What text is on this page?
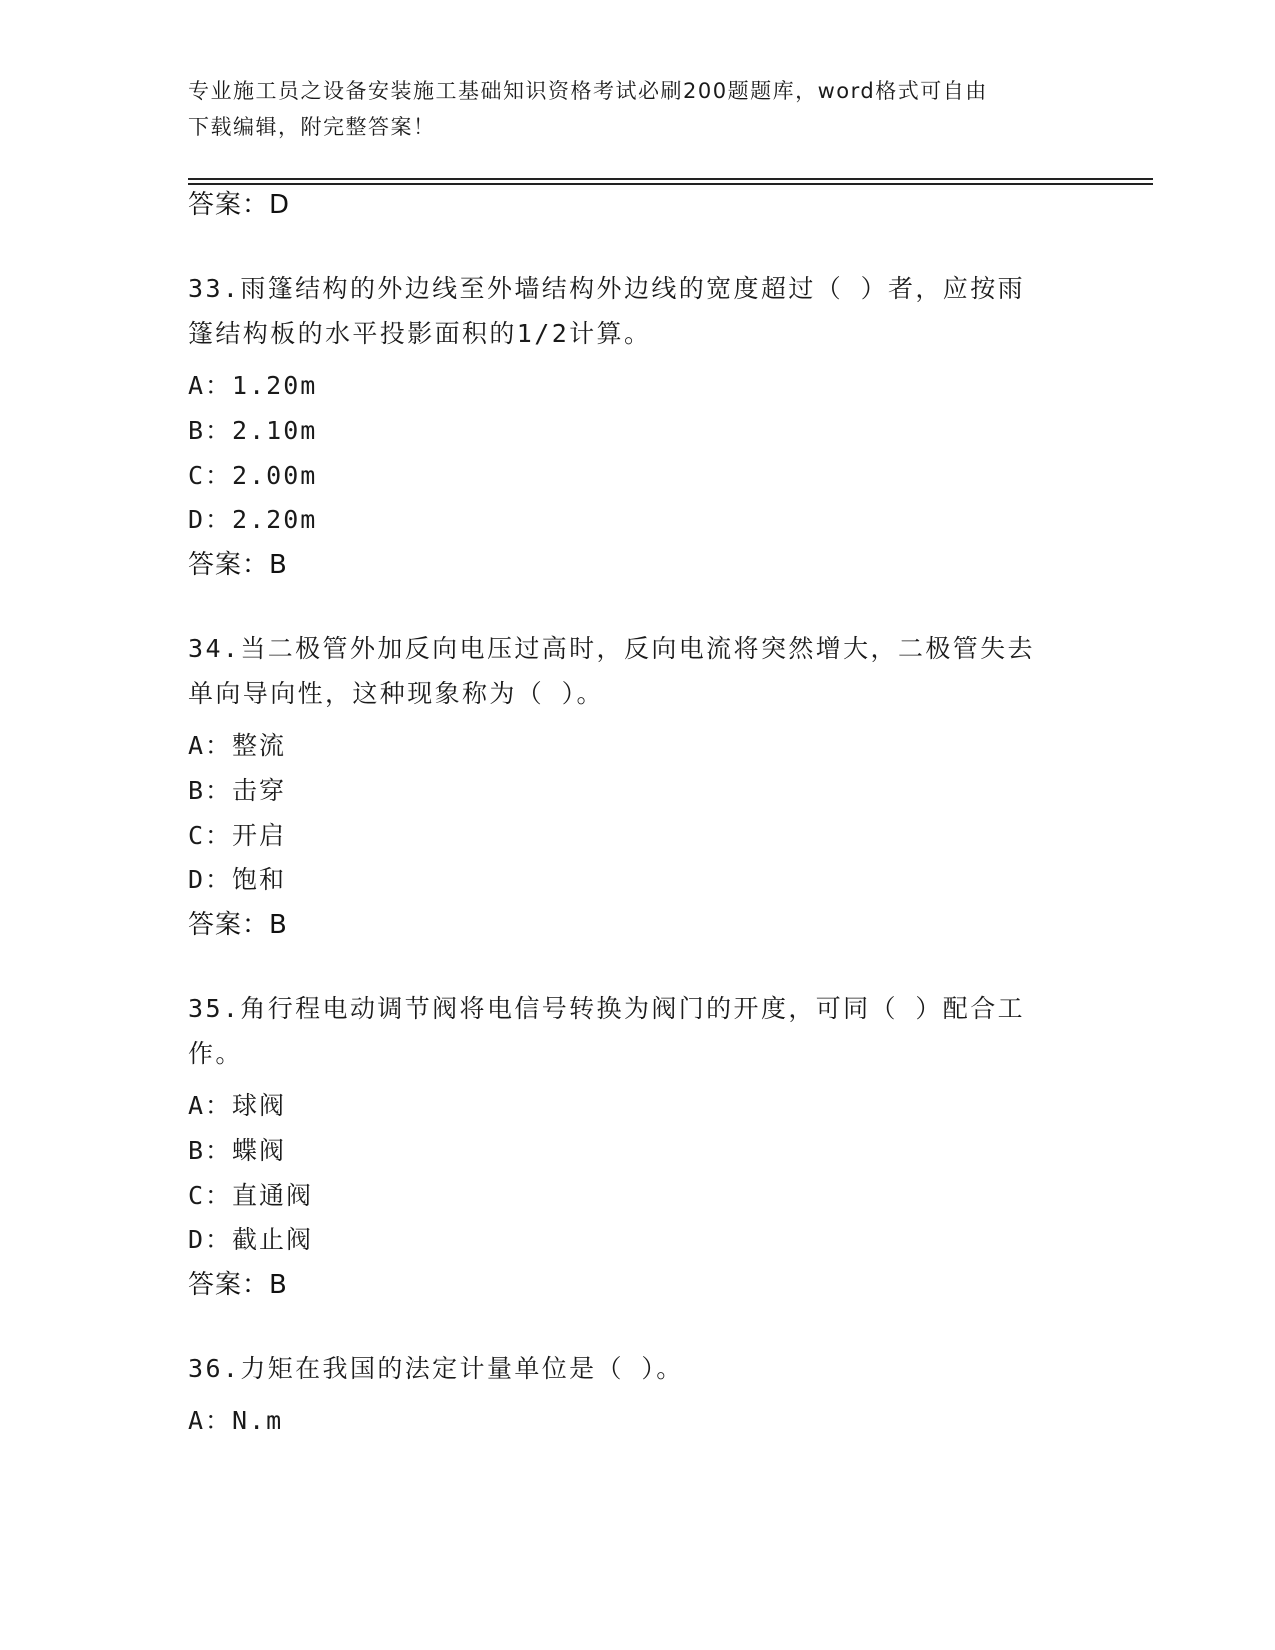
专业施工员之设备安装施工基础知识资格考试必刷200题题库，word格式可自由
下载编辑，附完整答案！
答案：D
33.雨篷结构的外边线至外墙结构外边线的宽度超过（ ）者，应按雨
篷结构板的水平投影面积的1/2计算。
A：1.20m
B：2.10m
C：2.00m
D：2.20m
答案：B
34.当二极管外加反向电压过高时，反向电流将突然增大，二极管失去
单向导向性，这种现象称为（ ）。
A：整流
B：击穿
C：开启
D：饱和
答案：B
35.角行程电动调节阀将电信号转换为阀门的开度，可同（ ）配合工
作。
A：球阀
B：蝶阀
C：直通阀
D：截止阀
答案：B
36.力矩在我国的法定计量单位是（ ）。
A：N.m
